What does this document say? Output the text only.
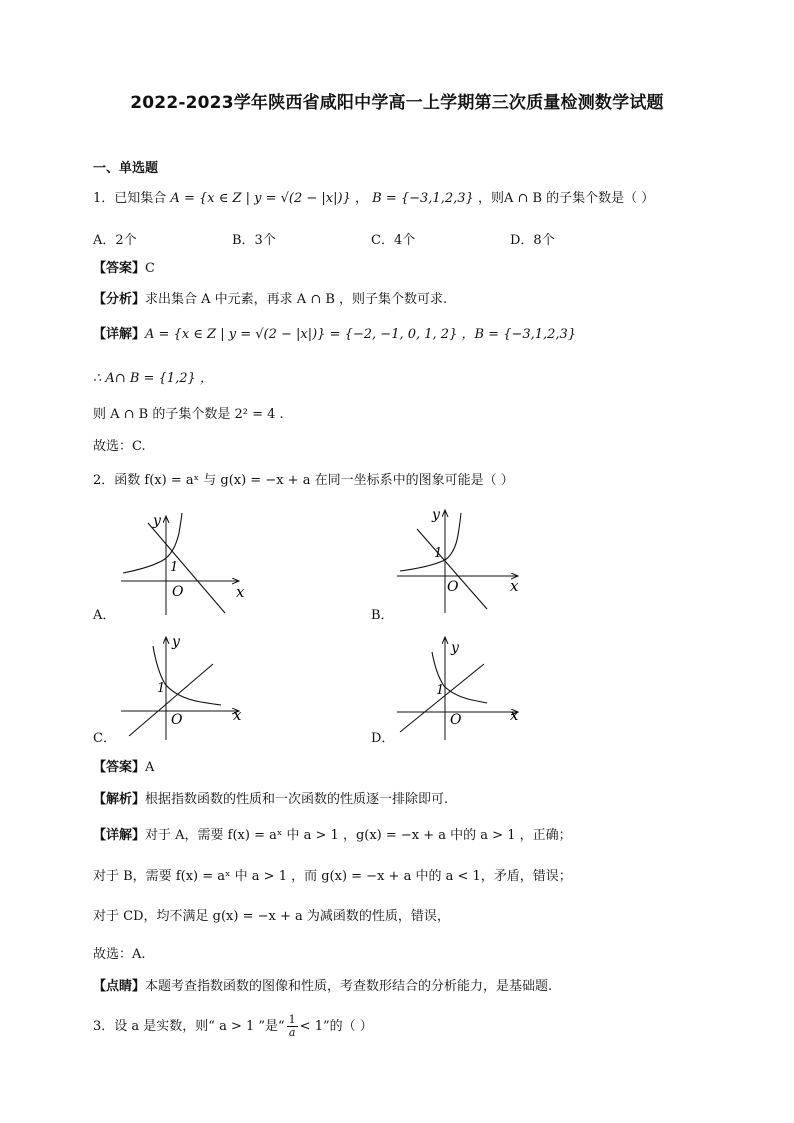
2022-2023学年陕西省咸阳中学高一上学期第三次质量检测数学试题
一、单选题
1．已知集合 A = {x ∈ Z | y = √(2 − |x|)} ， B = {−3,1,2,3} ，则A ∩ B 的子集个数是（ ）
A．2个	B．3个	C．4个	D．8个
【答案】C
【分析】求出集合 A 中元素，再求 A ∩ B ，则子集个数可求.
【详解】A = {x ∈ Z | y = √(2 − |x|)} = {−2, −1, 0, 1, 2} ，B = {−3,1,2,3}
∴ A∩ B = {1,2} ，
则 A ∩ B 的子集个数是 2² = 4 .
故选：C.
2．函数 f(x) = aˣ 与 g(x) = −x + a 在同一坐标系中的图象可能是（ ）
y
x
O
1
A．
y
x
O
1
B．
y
x
O
1
C．
y
x
O
1
D．
【答案】A
【解析】根据指数函数的性质和一次函数的性质逐一排除即可.
【详解】对于 A，需要 f(x) = aˣ 中 a > 1 ，g(x) = −x + a 中的 a > 1 ，正确；
对于 B，需要 f(x) = aˣ 中 a > 1 ，而 g(x) = −x + a 中的 a < 1，矛盾，错误；
对于 CD，均不满足 g(x) = −x + a 为减函数的性质，错误，
故选：A.
【点睛】本题考查指数函数的图像和性质，考查数形结合的分析能力，是基础题.
3．设 a 是实数，则“ a > 1 ”是“ $\frac{1}{a} < 1$”的（ ）
